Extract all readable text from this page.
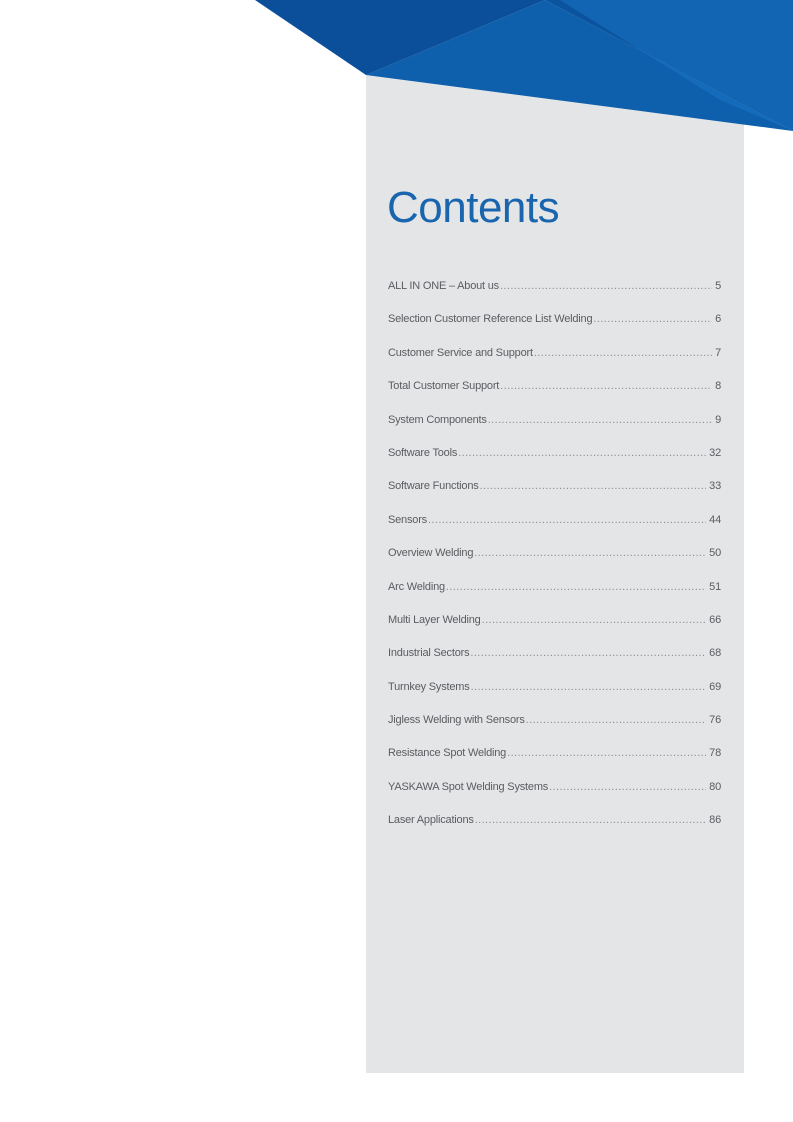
Contents
ALL IN ONE – About us .....	5
Selection Customer Reference List Welding .....	6
Customer Service and Support .....	7
Total Customer Support .....	8
System Components .....	9
Software Tools .....	32
Software Functions .....	33
Sensors .....	44
Overview Welding .....	50
Arc Welding .....	51
Multi Layer Welding .....	66
Industrial Sectors .....	68
Turnkey Systems .....	69
Jigless Welding with Sensors .....	76
Resistance Spot Welding .....	78
YASKAWA Spot Welding Systems .....	80
Laser Applications .....	86
